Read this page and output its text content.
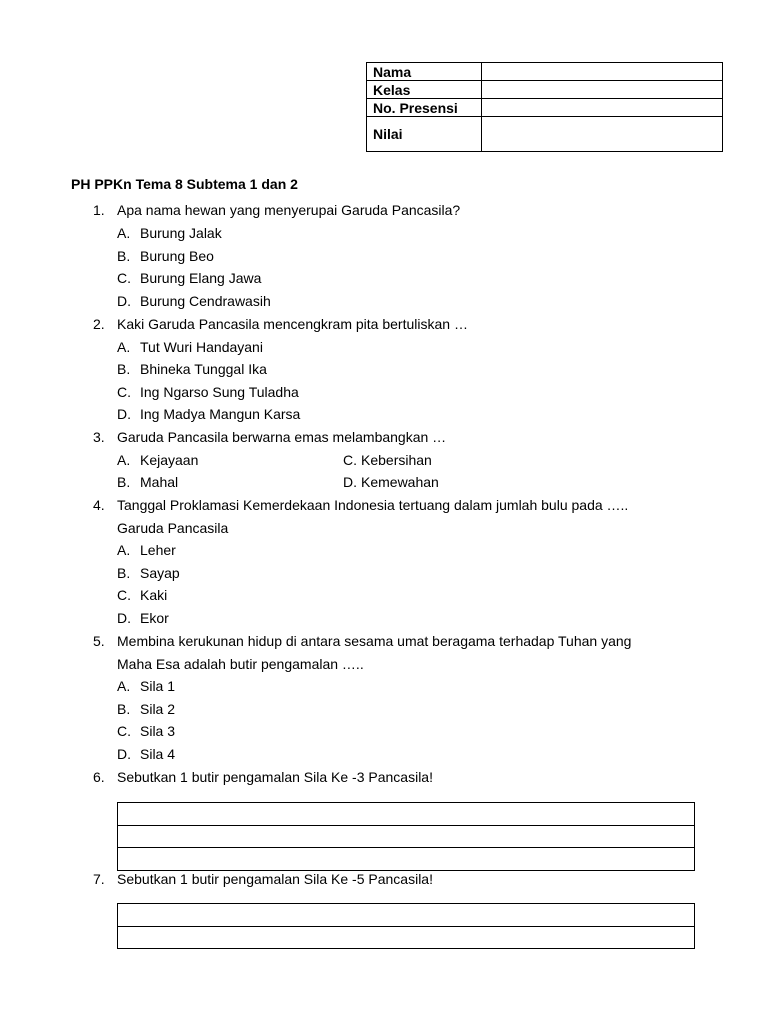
Nama	
Kelas	
No. Presensi	
Nilai	
PH PPKn Tema 8 Subtema 1 dan 2
1. Apa nama hewan yang menyerupai Garuda Pancasila?
A. Burung Jalak
B. Burung Beo
C. Burung Elang Jawa
D. Burung Cendrawasih
2. Kaki Garuda Pancasila mencengkram pita bertuliskan …
A. Tut Wuri Handayani
B. Bhineka Tunggal Ika
C. Ing Ngarso Sung Tuladha
D. Ing Madya Mangun Karsa
3. Garuda Pancasila berwarna emas melambangkan …
A. Kejayaan	C. Kebersihan
B. Mahal	D. Kemewahan
4. Tanggal Proklamasi Kemerdekaan Indonesia tertuang dalam jumlah bulu pada …..
Garuda Pancasila
A. Leher
B. Sayap
C. Kaki
D. Ekor
5. Membina kerukunan hidup di antara sesama umat beragama terhadap Tuhan yang
Maha Esa adalah butir pengamalan …..
A. Sila 1
B. Sila 2
C. Sila 3
D. Sila 4
6. Sebutkan 1 butir pengamalan Sila Ke -3 Pancasila!

7. Sebutkan 1 butir pengamalan Sila Ke -5 Pancasila!
